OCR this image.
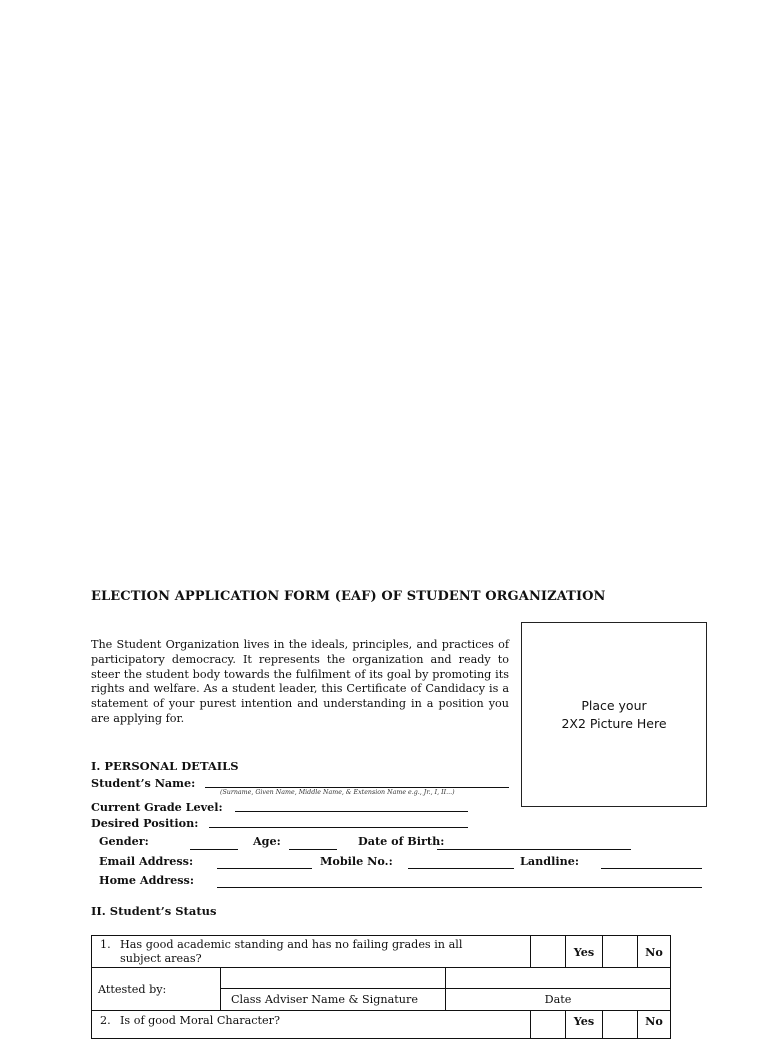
ELECTION APPLICATION FORM (EAF) OF STUDENT ORGANIZATION
The Student Organization lives in the ideals, principles, and practices of participatory democracy. It represents the organization and ready to steer the student body towards the fulfilment of its goal by promoting its rights and welfare. As a student leader, this Certificate of Candidacy is a statement of your purest intention and understanding in a position you are applying for.
Place your
2X2 Picture Here
I. PERSONAL DETAILS
Student’s Name:
(Surname, Given Name, Middle Name, & Extension Name e.g., Jr., I, II...)
Current Grade Level:
Desired Position:
Gender:	Age:	Date of Birth:
Email Address:	Mobile No.:	Landline:
Home Address:
II. Student’s Status
1. Has good academic standing and has no failing grades in all
subject areas?				Yes		No
Attested by:						
	Class Adviser Name & Signature	Date				
2. Is of good Moral Character?				Yes		No
